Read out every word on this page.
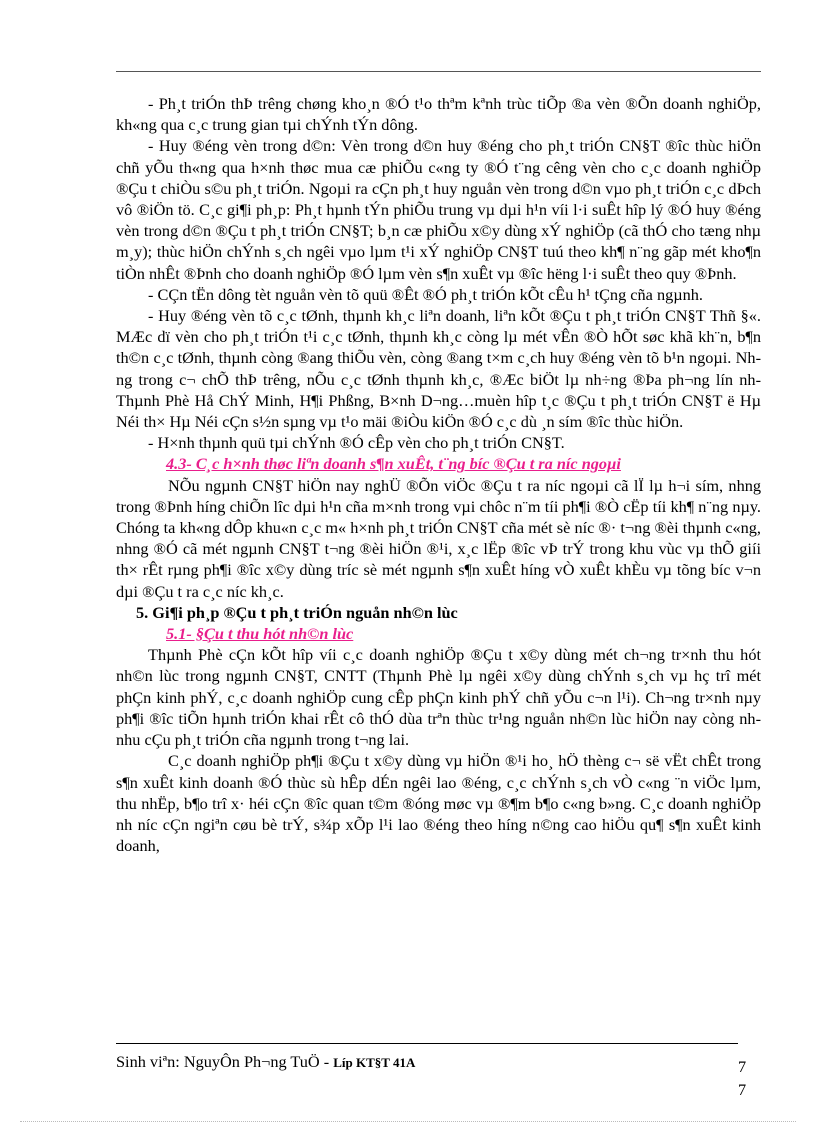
- Ph¸t triÓn thÞ trêng chøng kho¸n ®Ó t¹o thªm kªnh trùc tiÕp ®a vèn ®Õn doanh nghiÖp, kh«ng qua c¸c trung gian tµi chÝnh tÝn dông.

- Huy ®éng vèn trong d©n: Vèn trong d©n huy ®éng cho ph¸t triÓn CN§T ®îc thùc hiÖn chñ yÕu th«ng qua h×nh thøc mua cæ phiÕu c«ng ty ®Ó t¨ng cêng vèn cho c¸c doanh nghiÖp ®Çu t chiÒu s©u ph¸t triÓn. Ngoµi ra cÇn ph¸t huy nguån vèn trong d©n vµo ph¸t triÓn c¸c dÞch vô ®iÖn tö. C¸c gi¶i ph¸p: Ph¸t hµnh tÝn phiÕu trung vµ dµi h¹n víi l·i suÊt hîp lý ®Ó huy ®éng vèn trong d©n ®Çu t ph¸t triÓn CN§T; b¸n cæ phiÕu x©y dùng xÝ nghiÖp (cã thÓ cho tæng nhµ m¸y); thùc hiÖn chÝnh s¸ch ngêi vµo lµm t¹i xÝ nghiÖp CN§T tuú theo kh¶ n¨ng gãp mét kho¶n tiÒn nhÊt ®Þnh cho doanh nghiÖp ®Ó lµm vèn s¶n xuÊt vµ ®îc hëng l·i suÊt theo quy ®Þnh.

- CÇn tËn dông tèt nguån vèn tõ quü ®Êt ®Ó ph¸t triÓn kÕt cÊu h¹ tÇng cña ngµnh.

- Huy ®éng vèn tõ c¸c tØnh, thµnh kh¸c liªn doanh, liªn kÕt ®Çu t ph¸t triÓn CN§T Thñ §«. MÆc dï vèn cho ph¸t triÓn t¹i c¸c tØnh, thµnh kh¸c còng lµ mét vÊn ®Ò hÕt søc khã kh¨n, b¶n th©n c¸c tØnh, thµnh còng ®ang thiÕu vèn, còng ®ang t×m c¸ch huy ®éng vèn tõ b¹n ngoµi. Nhng trong c¬ chÕ thÞ trêng, nÕu c¸c tØnh thµnh kh¸c, ®Æc biÖt lµ nh÷ng ®Þa ph¬ng lín nh Thµnh Phè Hå ChÝ Minh, H¶i Phßng, B×nh D¬ng…muèn hîp t¸c ®Çu t ph¸t triÓn CN§T ë Hµ Néi th× Hµ Néi cÇn s½n sµng vµ t¹o mäi ®iÒu kiÖn ®Ó c¸c dù ¸n sím ®îc thùc hiÖn.

- H×nh thµnh quü tµi chÝnh ®Ó cÊp vèn cho ph¸t triÓn CN§T.

4.3- C¸c h×nh thøc liªn doanh s¶n xuÊt, t¨ng bíc ®Çu t ra níc ngoµi

NÕu ngµnh CN§T hiÖn nay nghÜ ®Õn viÖc ®Çu t ra níc ngoµi cã lÏ lµ h¬i sím, nhng trong ®Þnh híng chiÕn lîc dµi h¹n cña m×nh trong vµi chôc n¨m tíi ph¶i ®Ò cËp tíi kh¶ n¨ng nµy. Chóng ta kh«ng dÔp khu«n c¸c m« h×nh ph¸t triÓn CN§T cña mét sè níc ®· t¬ng ®èi thµnh c«ng, nhng ®Ó cã mét ngµnh CN§T t¬ng ®èi hiÖn ®¹i, x¸c lËp ®îc vÞ trÝ trong khu vùc vµ thÕ giíi th× rÊt rµng ph¶i ®îc x©y dùng tríc sè mét ngµnh s¶n xuÊt híng vÒ xuÊt khÈu vµ tõng bíc v¬n dµi ®Çu t ra c¸c níc kh¸c.

5. Gi¶i ph¸p ®Çu t ph¸t triÓn nguån nh©n lùc

5.1- §Çu t thu hót nh©n lùc

Thµnh Phè cÇn kÕt hîp víi c¸c doanh nghiÖp ®Çu t x©y dùng mét ch¬ng tr×nh thu hót nh©n lùc trong ngµnh CN§T, CNTT (Thµnh Phè lµ ngêi x©y dùng chÝnh s¸ch vµ hç trî mét phÇn kinh phÝ, c¸c doanh nghiÖp cung cÊp phÇn kinh phÝ chñ yÕu c¬n l¹i). Ch¬ng tr×nh nµy ph¶i ®îc tiÕn hµnh triÓn khai rÊt cô thÓ dùa trªn thùc tr¹ng nguån nh©n lùc hiÖn nay còng nh nhu cÇu ph¸t triÓn cña ngµnh trong t¬ng lai.

C¸c doanh nghiÖp ph¶i ®Çu t x©y dùng vµ hiÖn ®¹i ho¸ hÖ thèng c¬ së vËt chÊt trong s¶n xuÊt kinh doanh ®Ó thùc sù hÊp dÉn ngêi lao ®éng, c¸c chÝnh s¸ch vÒ c«ng ¨n viÖc lµm, thu nhËp, b¶o trî x· héi cÇn ®îc quan t©m ®óng møc vµ ®¶m b¶o c«ng b»ng. C¸c doanh nghiÖp nh níc cÇn ngiªn cøu bè trÝ, s¾p xÕp l¹i lao ®éng theo híng n©ng cao hiÖu qu¶ s¶n xuÊt kinh doanh,

Sinh viªn: NguyÔn Ph¬ng TuÖ - Líp KT§T 41A	7
7
